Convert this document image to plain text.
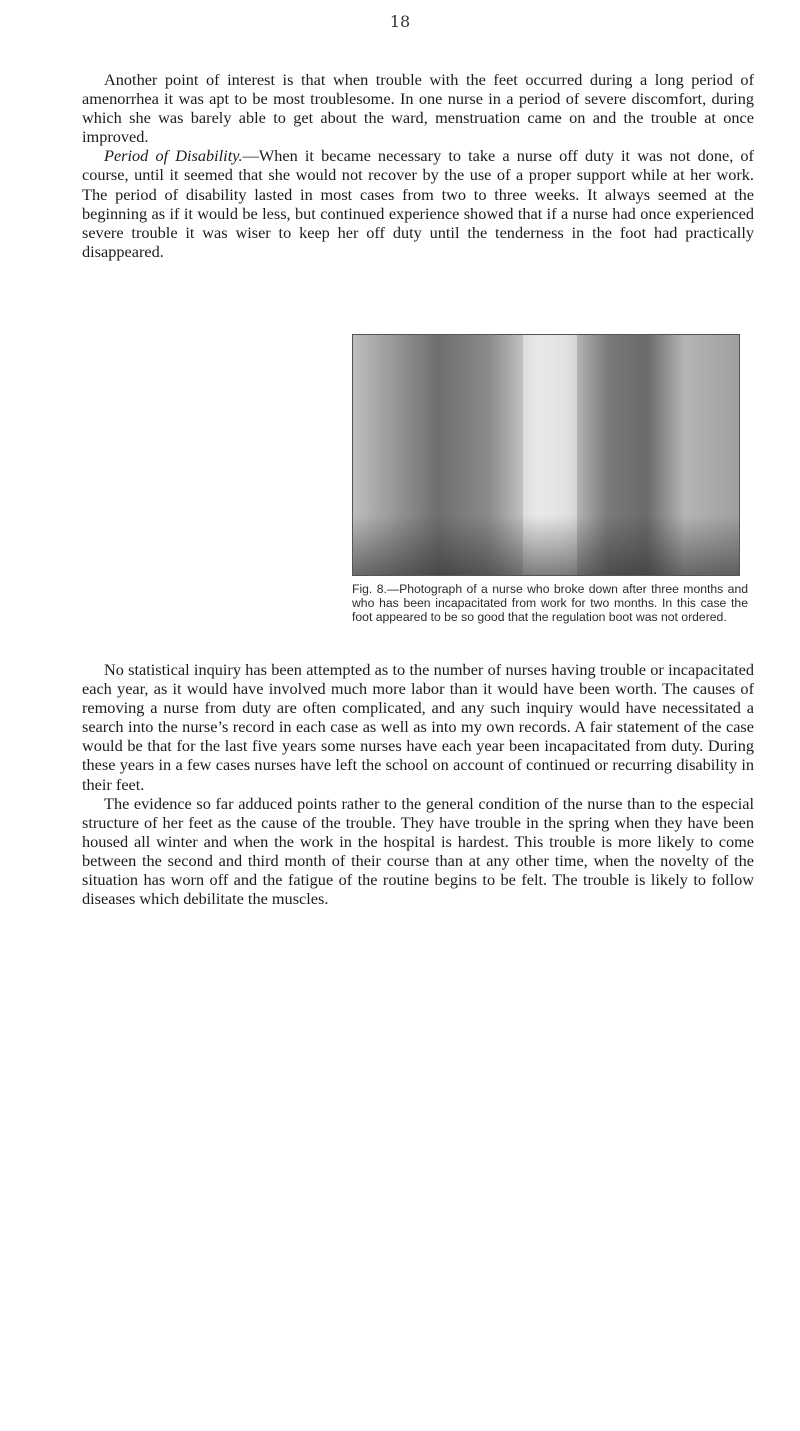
18

Another point of interest is that when trouble with the feet occurred during a long period of amenorrhea it was apt to be most troublesome. In one nurse in a period of severe discomfort, during which she was barely able to get about the ward, menstruation came on and the trouble at once improved.

Period of Disability.—When it became necessary to take a nurse off duty it was not done, of course, until it seemed that she would not recover by the use of a proper support while at her work. The period of disability lasted in most cases from two to three weeks. It always seemed at the beginning as if it would be less, but continued experience showed that if a nurse had once experienced severe trouble it was wiser to keep her off duty until the tenderness in the foot had practically disappeared.

Fig. 8.—Photograph of a nurse who broke down after three months and who has been incapacitated from work for two months. In this case the foot appeared to be so good that the regulation boot was not ordered.

No statistical inquiry has been attempted as to the number of nurses having trouble or incapacitated each year, as it would have involved much more labor than it would have been worth. The causes of removing a nurse from duty are often complicated, and any such inquiry would have necessitated a search into the nurse’s record in each case as well as into my own records. A fair statement of the case would be that for the last five years some nurses have each year been incapacitated from duty. During these years in a few cases nurses have left the school on account of continued or recurring disability in their feet.

The evidence so far adduced points rather to the general condition of the nurse than to the especial structure of her feet as the cause of the trouble. They have trouble in the spring when they have been housed all winter and when the work in the hospital is hardest. This trouble is more likely to come between the second and third month of their course than at any other time, when the novelty of the situation has worn off and the fatigue of the routine begins to be felt. The trouble is likely to follow diseases which debilitate the muscles.
